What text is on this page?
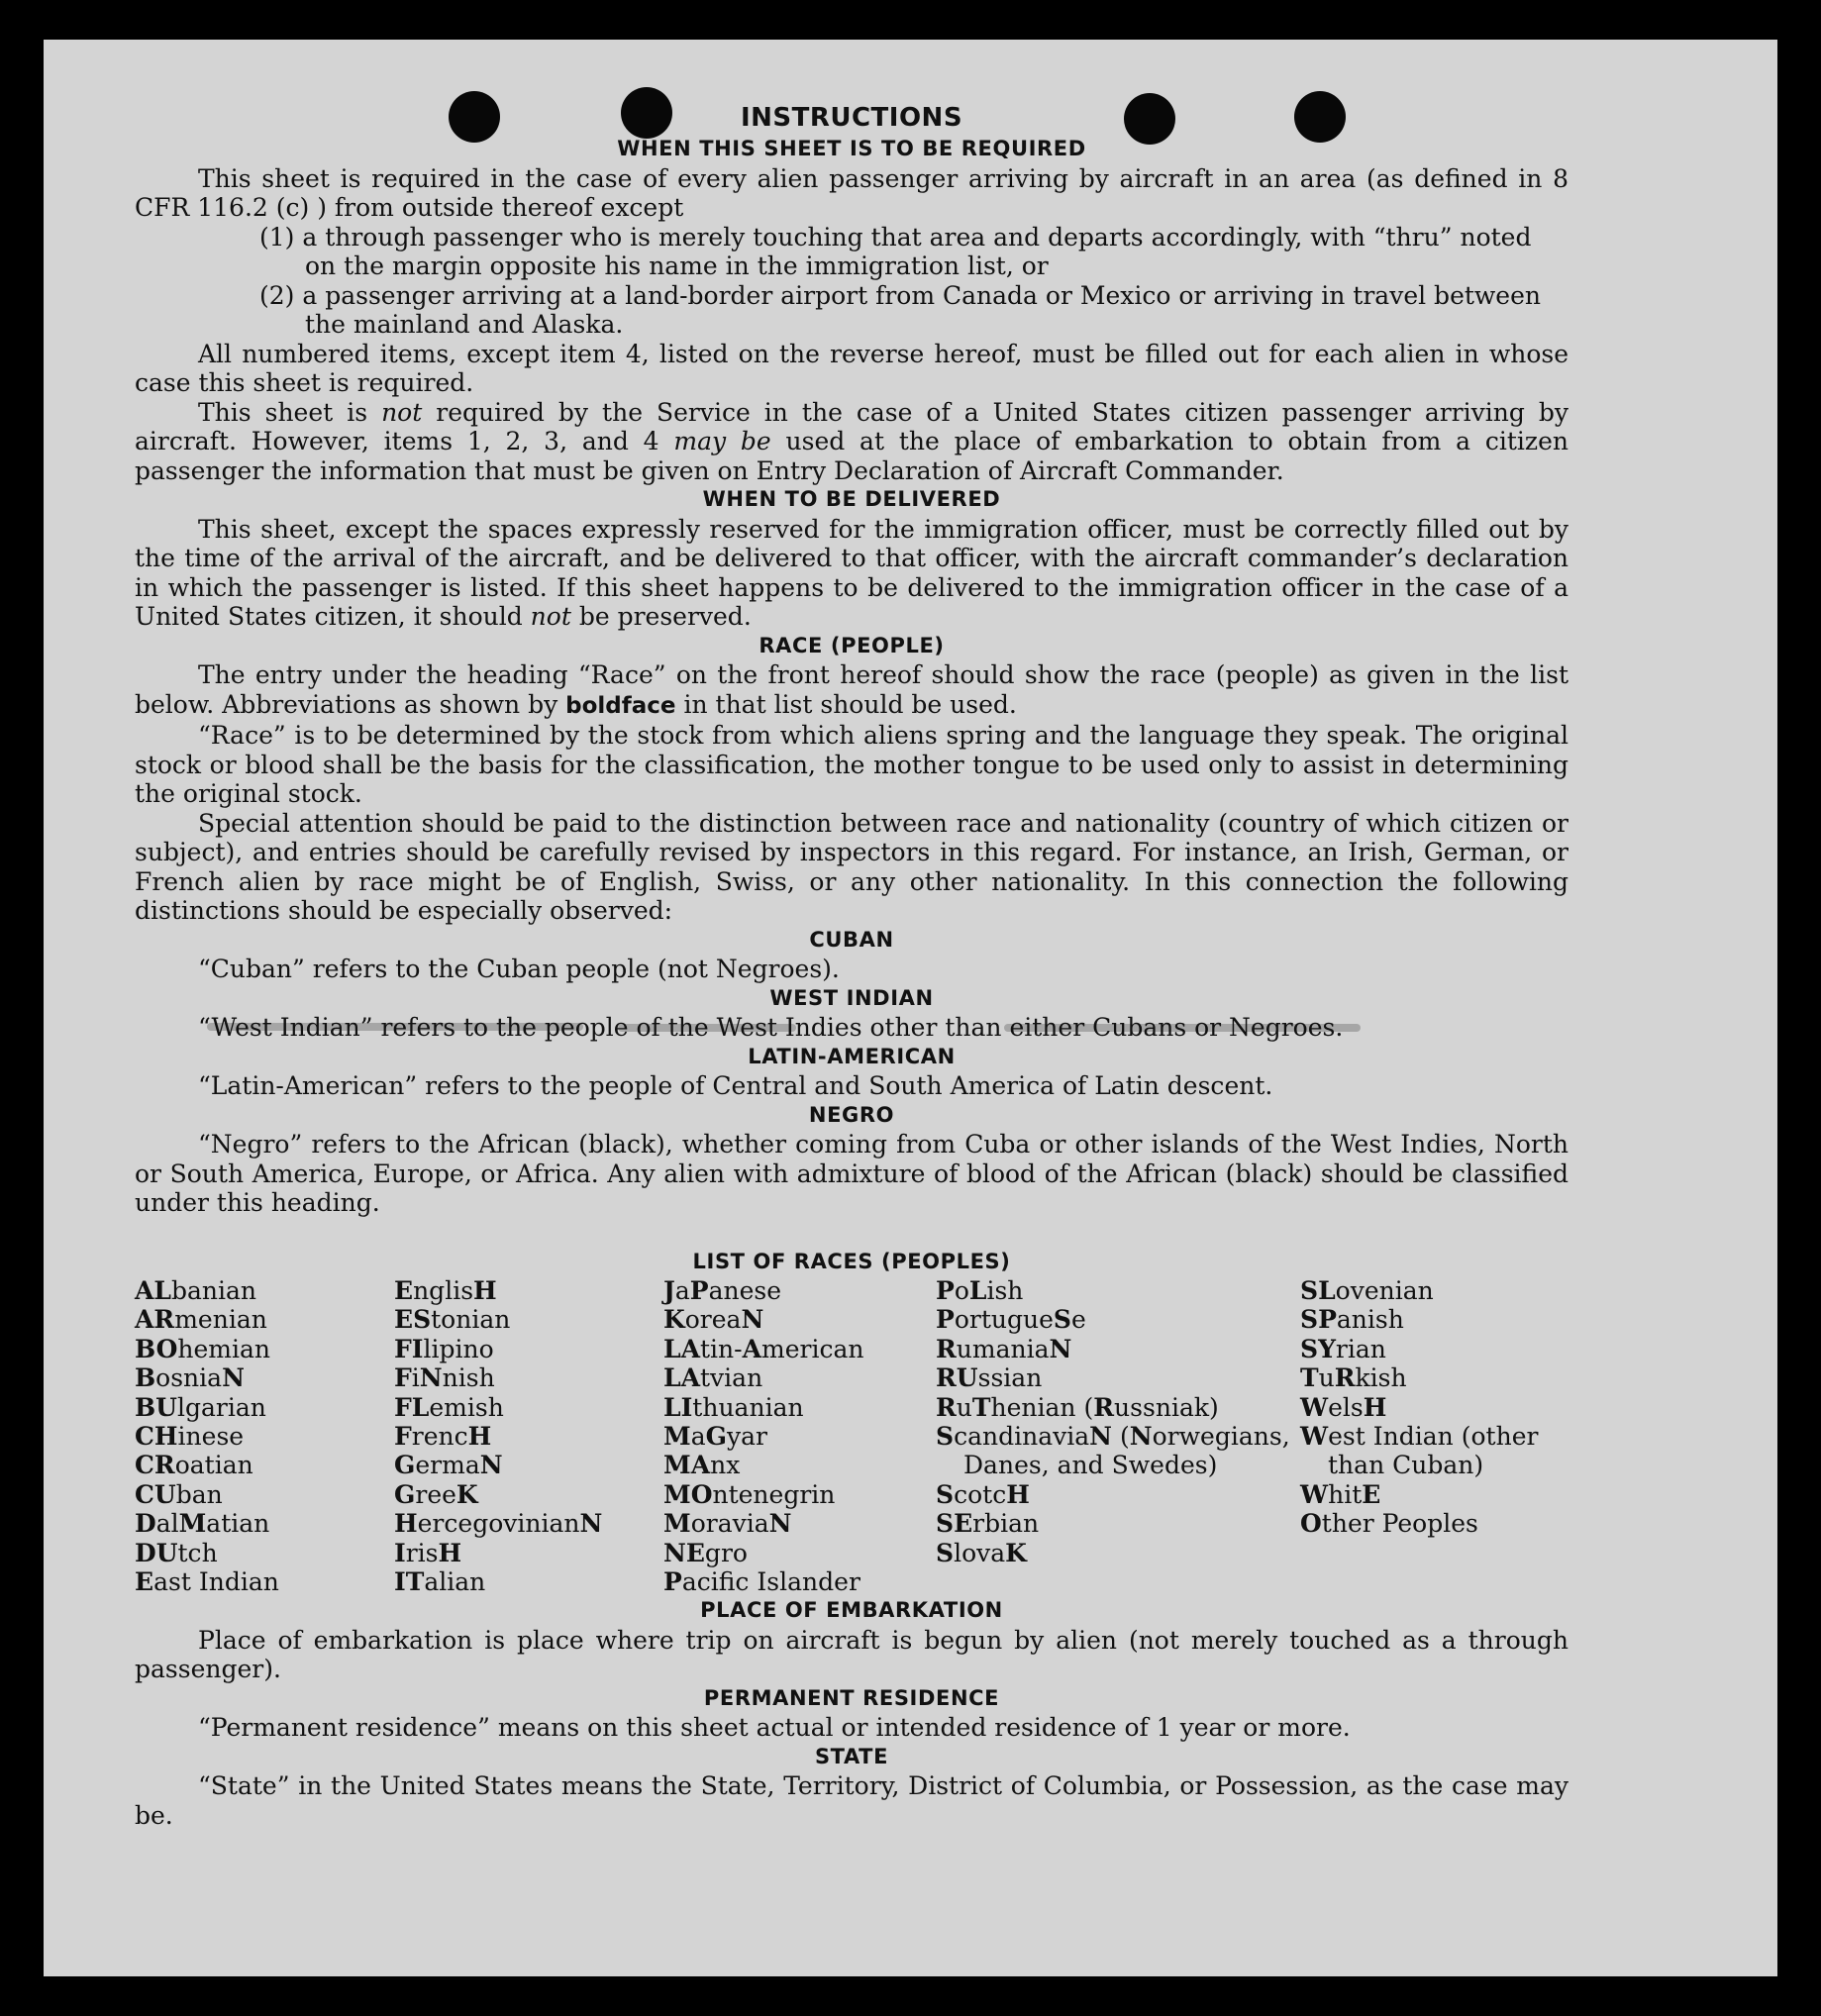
INSTRUCTIONS
WHEN THIS SHEET IS TO BE REQUIRED

This sheet is required in the case of every alien passenger arriving by aircraft in an area (as defined in 8 CFR 116.2 (c) ) from outside thereof except

(1) a through passenger who is merely touching that area and departs accordingly, with “thru” noted on the margin opposite his name in the immigration list, or

(2) a passenger arriving at a land-border airport from Canada or Mexico or arriving in travel between the mainland and Alaska.

All numbered items, except item 4, listed on the reverse hereof, must be filled out for each alien in whose case this sheet is required.

This sheet is not required by the Service in the case of a United States citizen passenger arriving by aircraft. However, items 1, 2, 3, and 4 may be used at the place of embarkation to obtain from a citizen passenger the information that must be given on Entry Declaration of Aircraft Commander.

WHEN TO BE DELIVERED

This sheet, except the spaces expressly reserved for the immigration officer, must be correctly filled out by the time of the arrival of the aircraft, and be delivered to that officer, with the aircraft commander’s declaration in which the passenger is listed. If this sheet happens to be delivered to the immigration officer in the case of a United States citizen, it should not be preserved.

RACE (PEOPLE)

The entry under the heading “Race” on the front hereof should show the race (people) as given in the list below. Abbreviations as shown by boldface in that list should be used.

“Race” is to be determined by the stock from which aliens spring and the language they speak. The original stock or blood shall be the basis for the classification, the mother tongue to be used only to assist in determining the original stock.

Special attention should be paid to the distinction between race and nationality (country of which citizen or subject), and entries should be carefully revised by inspectors in this regard. For instance, an Irish, German, or French alien by race might be of English, Swiss, or any other nationality. In this connection the following distinctions should be especially observed:

CUBAN

“Cuban” refers to the Cuban people (not Negroes).

WEST INDIAN

“West Indian” refers to the people of the West Indies other than either Cubans or Negroes.

LATIN-AMERICAN

“Latin-American” refers to the people of Central and South America of Latin descent.

NEGRO

“Negro” refers to the African (black), whether coming from Cuba or other islands of the West Indies, North or South America, Europe, or Africa. Any alien with admixture of blood of the African (black) should be classified under this heading.

LIST OF RACES (PEOPLES)
ALbanian
ARmenian
BOhemian
BosniaN
BUlgarian
CHinese
CRoatian
CUban
DalMatian
DUtch
East Indian
EnglisH
EStonian
FIlipino
FiNnish
FLemish
FrencH
GermaN
GreeK
HercegovinianN
IrisH
ITalian
JaPanese
KoreaN
LAtin-American
LAtvian
LIthuanian
MaGyar
MAnx
MOntenegrin
MoraviaN
NEgro
Pacifc Islander
PoLish
PortugueSe
RumaniaN
RUssian
RuThenian (Russniak)
ScandinaviaN (Norwegians, Danes, and Swedes)
ScotcH
SErbian
SlovaK
SLovenian
SPanish
SYrian
TuRkish
WelsH
West Indian (other than Cuban)
WhitE
Other Peoples
PLACE OF EMBARKATION

Place of embarkation is place where trip on aircraft is begun by alien (not merely touched as a through passenger).

PERMANENT RESIDENCE

“Permanent residence” means on this sheet actual or intended residence of 1 year or more.

STATE

“State” in the United States means the State, Territory, District of Columbia, or Possession, as the case may be.
